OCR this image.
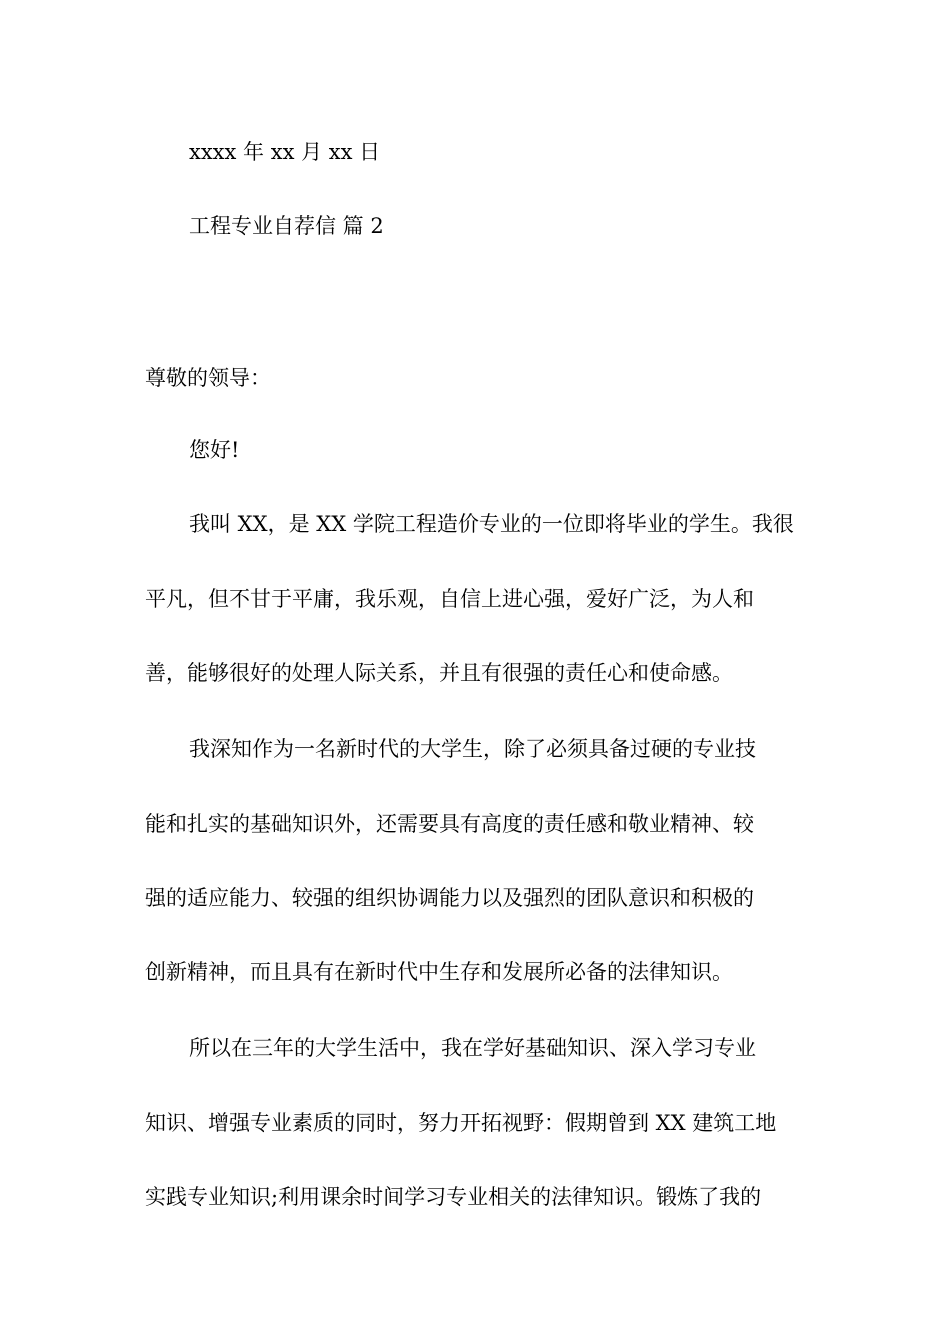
xxxx 年 xx 月 xx 日
工程专业自荐信 篇 2
尊敬的领导：
您好!
我叫 XX，是 XX 学院工程造价专业的一位即将毕业的学生。我很
平凡，但不甘于平庸，我乐观，自信上进心强，爱好广泛，为人和
善，能够很好的处理人际关系，并且有很强的责任心和使命感。
我深知作为一名新时代的大学生，除了必须具备过硬的专业技
能和扎实的基础知识外，还需要具有高度的责任感和敬业精神、较
强的适应能力、较强的组织协调能力以及强烈的团队意识和积极的
创新精神，而且具有在新时代中生存和发展所必备的法律知识。
所以在三年的大学生活中，我在学好基础知识、深入学习专业
知识、增强专业素质的同时，努力开拓视野：假期曾到 XX 建筑工地
实践专业知识;利用课余时间学习专业相关的法律知识。锻炼了我的
